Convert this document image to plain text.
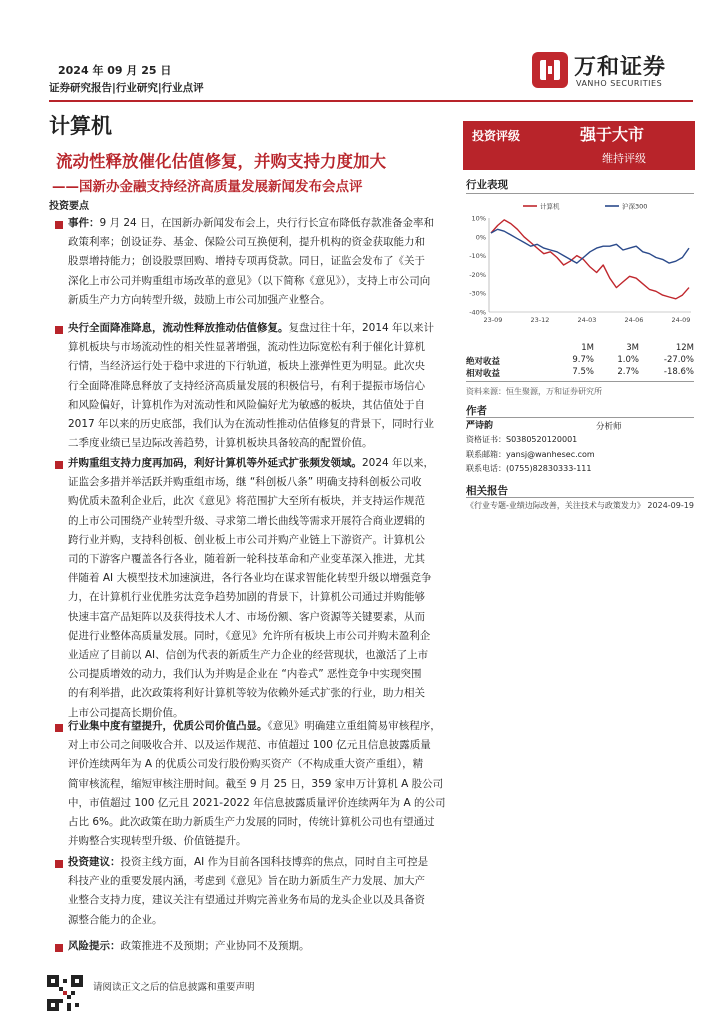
2024 年 09 月 25 日
证券研究报告|行业研究|行业点评
万和证券
VANHO SECURITIES
计算机
流动性释放催化估值修复，并购支持力度加大
——国新办金融支持经济高质量发展新闻发布会点评
投资要点
事件：9 月 24 日，在国新办新闻发布会上，央行行长宣布降低存款准备金率和
政策利率；创设证券、基金、保险公司互换便利，提升机构的资金获取能力和
股票增持能力；创设股票回购、增持专项再贷款。同日，证监会发布了《关于
深化上市公司并购重组市场改革的意见》（以下简称《意见》），支持上市公司向
新质生产力方向转型升级，鼓励上市公司加强产业整合。
央行全面降准降息，流动性释放推动估值修复。复盘过往十年，2014 年以来计
算机板块与市场流动性的相关性显著增强，流动性边际宽松有利于催化计算机
行情，当经济运行处于稳中求进的下行轨道，板块上涨弹性更为明显。此次央
行全面降准降息释放了支持经济高质量发展的积极信号，有利于提振市场信心
和风险偏好，计算机作为对流动性和风险偏好尤为敏感的板块，其估值处于自
2017 年以来的历史底部，我们认为在流动性推动估值修复的背景下，同时行业
二季度业绩已呈边际改善趋势，计算机板块具备较高的配置价值。
并购重组支持力度再加码，利好计算机等外延式扩张频发领域。2024 年以来，
证监会多措并举活跃并购重组市场，继 “科创板八条” 明确支持科创板公司收
购优质未盈利企业后，此次《意见》将范围扩大至所有板块，并支持运作规范
的上市公司围绕产业转型升级、寻求第二增长曲线等需求开展符合商业逻辑的
跨行业并购，支持科创板、创业板上市公司并购产业链上下游资产。计算机公
司的下游客户覆盖各行各业，随着新一轮科技革命和产业变革深入推进，尤其
伴随着 AI 大模型技术加速演进，各行各业均在谋求智能化转型升级以增强竞争
力，在计算机行业优胜劣汰竞争趋势加剧的背景下，计算机公司通过并购能够
快速丰富产品矩阵以及获得技术人才、市场份额、客户资源等关键要素，从而
促进行业整体高质量发展。同时，《意见》允许所有板块上市公司并购未盈利企
业适应了目前以 AI、信创为代表的新质生产力企业的经营现状，也激活了上市
公司提质增效的动力，我们认为并购是企业在 “内卷式” 恶性竞争中实现突围
的有利举措，此次政策将利好计算机等较为依赖外延式扩张的行业，助力相关
上市公司提高长期价值。
行业集中度有望提升，优质公司价值凸显。《意见》明确建立重组简易审核程序，
对上市公司之间吸收合并、以及运作规范、市值超过 100 亿元且信息披露质量
评价连续两年为 A 的优质公司发行股份购买资产（不构成重大资产重组），精
简审核流程，缩短审核注册时间。截至 9 月 25 日，359 家申万计算机 A 股公司
中，市值超过 100 亿元且 2021-2022 年信息披露质量评价连续两年为 A 的公司
占比 6%。此次政策在助力新质生产力发展的同时，传统计算机公司也有望通过
并购整合实现转型升级、价值链提升。
投资建议：投资主线方面，AI 作为目前各国科技博弈的焦点，同时自主可控是
科技产业的重要发展内涵，考虑到《意见》旨在助力新质生产力发展、加大产
业整合支持力度，建议关注有望通过并购完善业务布局的龙头企业以及具备资
源整合能力的企业。
风险提示：政策推进不及预期；产业协同不及预期。
投资评级	强于大市
维持评级
行业表现
10%
0%
-10%
-20%
-30%
-40%
23-09	23-12	24-03	24-06	24-09
计算机	沪深300
1M	3M	12M
绝对收益	9.7%	1.0%	-27.0%
相对收益	7.5%	2.7%	-18.6%
资料来源：恒生聚源，万和证券研究所
作者
严诗韵	分析师
资格证书：S0380520120001
联系邮箱：yansj@wanhesec.com
联系电话：(0755)82830333-111
相关报告
《行业专题-业绩边际改善，关注技术与政策发力》 2024-09-19
请阅读正文之后的信息披露和重要声明
